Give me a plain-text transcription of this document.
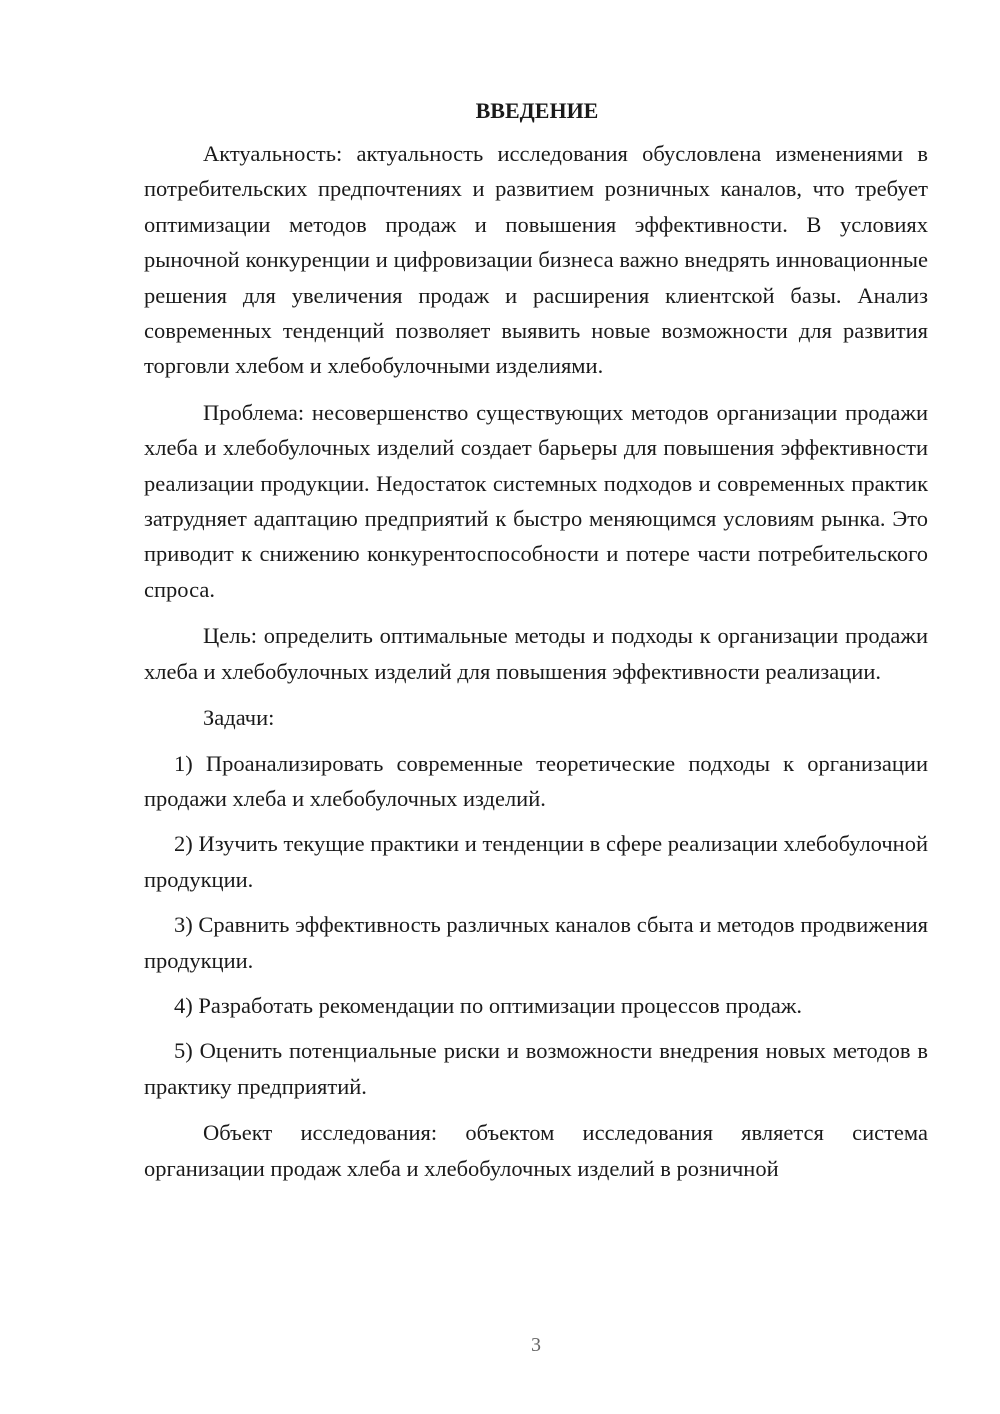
ВВЕДЕНИЕ

Актуальность: актуальность исследования обусловлена изменениями в потребительских предпочтениях и развитием розничных каналов, что требует оптимизации методов продаж и повышения эффективности. В условиях рыночной конкуренции и цифровизации бизнеса важно внедрять инновационные решения для увеличения продаж и расширения клиентской базы. Анализ современных тенденций позволяет выявить новые возможности для развития торговли хлебом и хлебобулочными изделиями.

Проблема: несовершенство существующих методов организации продажи хлеба и хлебобулочных изделий создает барьеры для повышения эффективности реализации продукции. Недостаток системных подходов и современных практик затрудняет адаптацию предприятий к быстро меняющимся условиям рынка. Это приводит к снижению конкурентоспособности и потере части потребительского спроса.

Цель: определить оптимальные методы и подходы к организации продажи хлеба и хлебобулочных изделий для повышения эффективности реализации.

Задачи:

1) Проанализировать современные теоретические подходы к организации продажи хлеба и хлебобулочных изделий.

2) Изучить текущие практики и тенденции в сфере реализации хлебобулочной продукции.

3) Сравнить эффективность различных каналов сбыта и методов продвижения продукции.

4) Разработать рекомендации по оптимизации процессов продаж.

5) Оценить потенциальные риски и возможности внедрения новых методов в практику предприятий.

Объект исследования: объектом исследования является система организации продаж хлеба и хлебобулочных изделий в розничной

3
